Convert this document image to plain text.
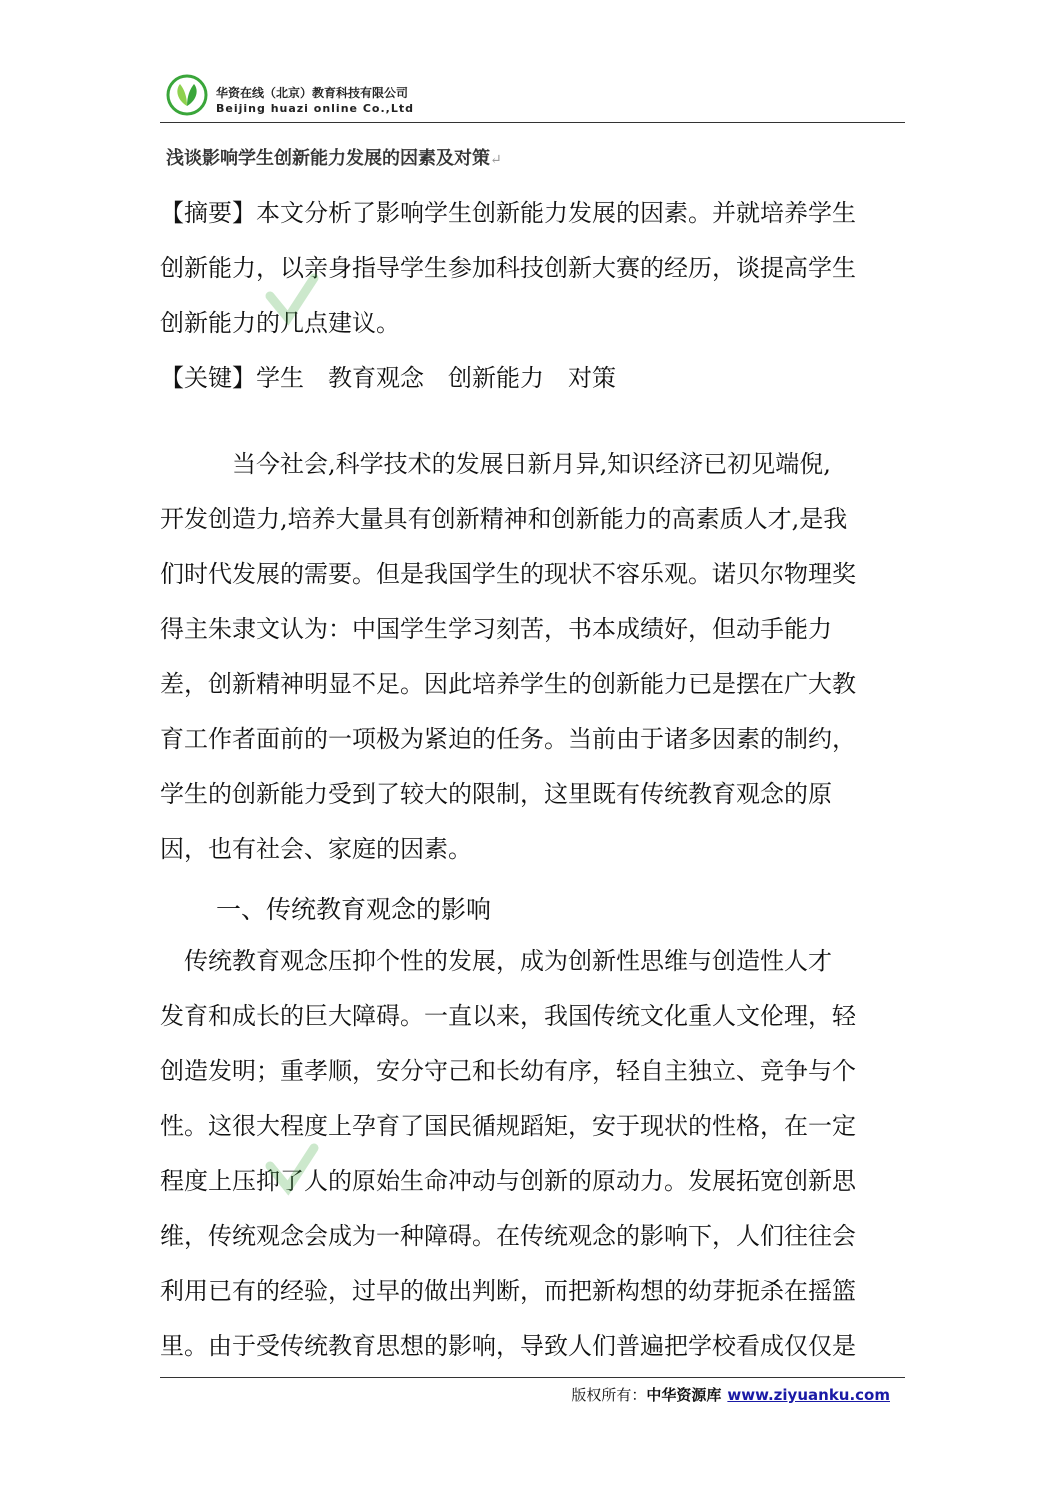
华资在线（北京）教育科技有限公司
Beijing huazi online Co.,Ltd
浅谈影响学生创新能力发展的因素及对策↵
【摘要】本文分析了影响学生创新能力发展的因素。并就培养学生
创新能力，以亲身指导学生参加科技创新大赛的经历，谈提高学生
创新能力的几点建议。
【关键】学生　教育观念　创新能力　对策
　　　当今社会,科学技术的发展日新月异,知识经济已初见端倪,
开发创造力,培养大量具有创新精神和创新能力的高素质人才,是我
们时代发展的需要。但是我国学生的现状不容乐观。诺贝尔物理奖
得主朱隶文认为：中国学生学习刻苦，书本成绩好，但动手能力
差，创新精神明显不足。因此培养学生的创新能力已是摆在广大教
育工作者面前的一项极为紧迫的任务。当前由于诸多因素的制约，
学生的创新能力受到了较大的限制，这里既有传统教育观念的原
因，也有社会、家庭的因素。
一、传统教育观念的影响
　传统教育观念压抑个性的发展，成为创新性思维与创造性人才
发育和成长的巨大障碍。一直以来，我国传统文化重人文伦理，轻
创造发明；重孝顺，安分守己和长幼有序，轻自主独立、竞争与个
性。这很大程度上孕育了国民循规蹈矩，安于现状的性格，在一定
程度上压抑了人的原始生命冲动与创新的原动力。发展拓宽创新思
维，传统观念会成为一种障碍。在传统观念的影响下，人们往往会
利用已有的经验，过早的做出判断，而把新构想的幼芽扼杀在摇篮
里。由于受传统教育思想的影响，导致人们普遍把学校看成仅仅是
版权所有：中华资源库 www.ziyuanku.com
